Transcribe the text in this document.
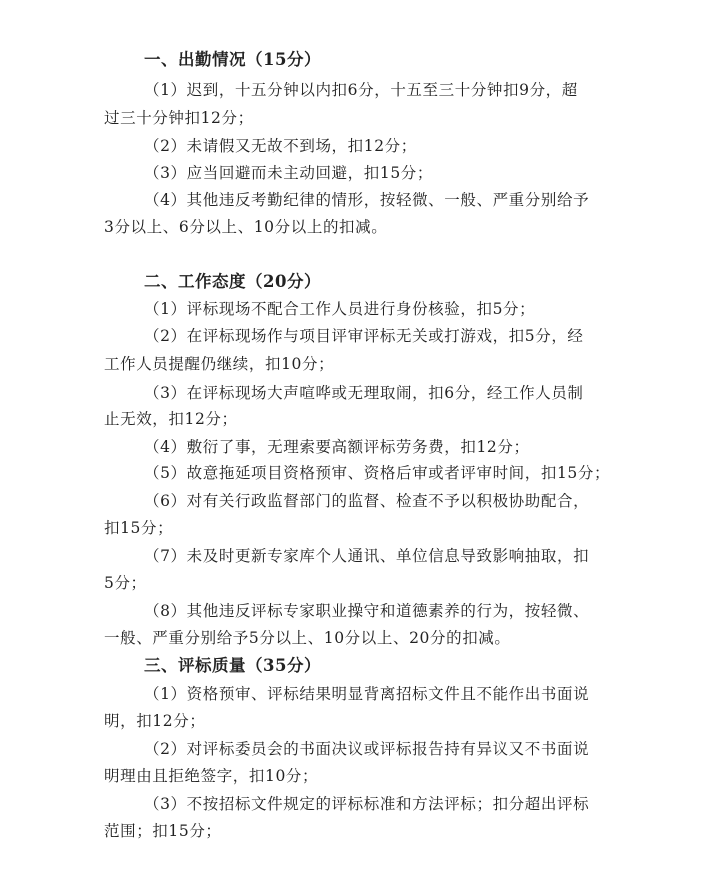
一、出勤情况（15分）
（1）迟到，十五分钟以内扣6分，十五至三十分钟扣9分，超
过三十分钟扣12分；
（2）未请假又无故不到场，扣12分；
（3）应当回避而未主动回避，扣15分；
（4）其他违反考勤纪律的情形，按轻微、一般、严重分别给予
3分以上、6分以上、10分以上的扣减。
二、工作态度（20分）
（1）评标现场不配合工作人员进行身份核验，扣5分；
（2）在评标现场作与项目评审评标无关或打游戏，扣5分，经
工作人员提醒仍继续，扣10分；
（3）在评标现场大声喧哗或无理取闹，扣6分，经工作人员制
止无效，扣12分；
（4）敷衍了事，无理索要高额评标劳务费，扣12分；
（5）故意拖延项目资格预审、资格后审或者评审时间，扣15分；
（6）对有关行政监督部门的监督、检查不予以积极协助配合，
扣15分；
（7）未及时更新专家库个人通讯、单位信息导致影响抽取，扣
5分；
（8）其他违反评标专家职业操守和道德素养的行为，按轻微、
一般、严重分别给予5分以上、10分以上、20分的扣减。
三、评标质量（35分）
（1）资格预审、评标结果明显背离招标文件且不能作出书面说
明，扣12分；
（2）对评标委员会的书面决议或评标报告持有异议又不书面说
明理由且拒绝签字，扣10分；
（3）不按招标文件规定的评标标准和方法评标；扣分超出评标
范围；扣15分；
